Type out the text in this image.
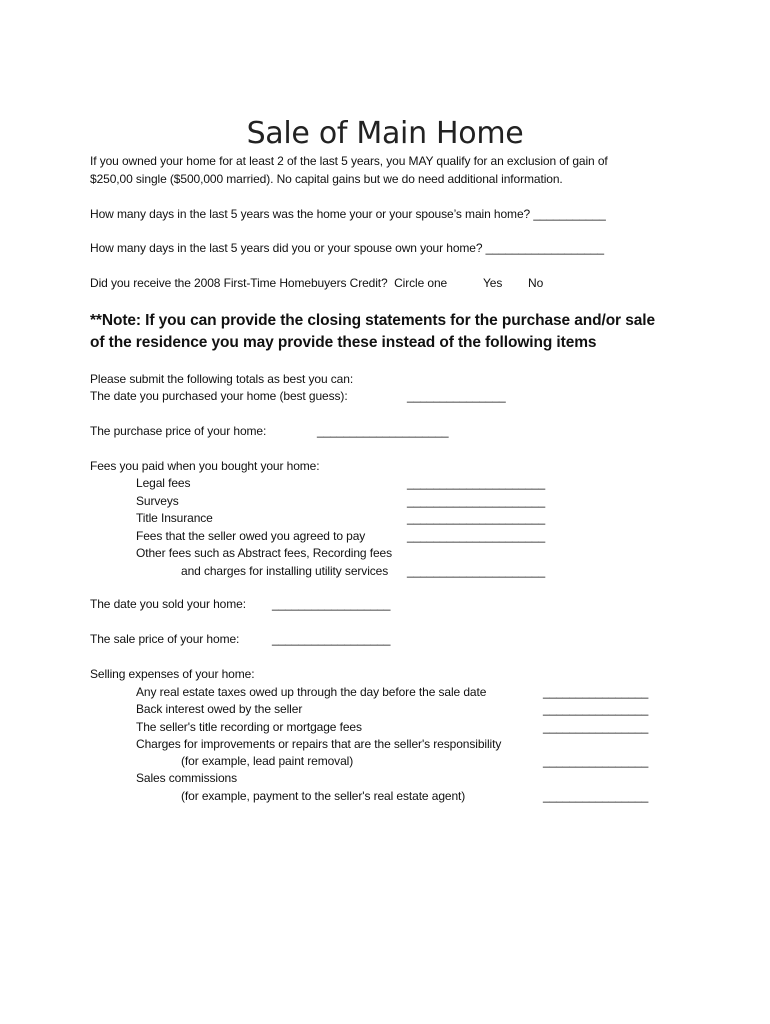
Sale of Main Home
If you owned your home for at least 2 of the last 5 years, you MAY qualify for an exclusion of gain of
$250,00 single ($500,000 married). No capital gains but we do need additional information.
How many days in the last 5 years was the home your or your spouse’s main home? ___________
How many days in the last 5 years did you or your spouse own your home? __________________
Did you receive the 2008 First-Time Homebuyers Credit?  Circle one	Yes No
**Note: If you can provide the closing statements for the purchase and/or sale
of the residence you may provide these instead of the following items
Please submit the following totals as best you can:
The date you purchased your home (best guess):	_______________
The purchase price of your home:	____________________
Fees you paid when you bought your home:
Legal fees	_____________________
Surveys	_____________________
Title Insurance	_____________________
Fees that the seller owed you agreed to pay	_____________________
Other fees such as Abstract fees, Recording fees
and charges for installing utility services _____________________
The date you sold your home: __________________
The sale price of your home:	__________________
Selling expenses of your home:
Any real estate taxes owed up through the day before the sale date	________________
Back interest owed by the seller	________________
The seller's title recording or mortgage fees	________________
Charges for improvements or repairs that are the seller's responsibility
(for example, lead paint removal)	________________
Sales commissions
(for example, payment to the seller's real estate agent)	________________
